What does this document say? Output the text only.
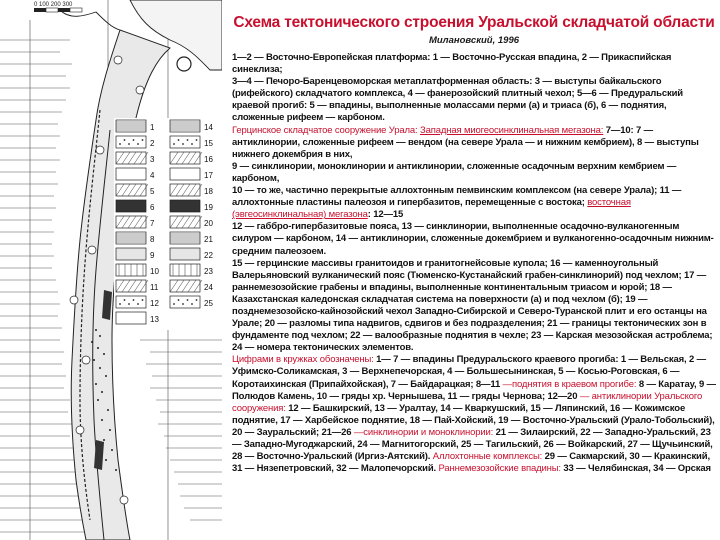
0 100 200 300
1
2
3
4
5
6
7
8
9
10
11
12
13
14
15
16
17
18
19
20
21
22
23
24
25

Схема тектонического строения Уральской складчатой области

Милановский, 1996

1—2 — Восточно-Европейская платформа: 1 — Восточно-Русская впадина, 2 — Прикаспийская синеклиза;

3—4 — Печоро-Баренцевоморская метаплатформенная область: 3 — выступы байкальского (рифейского) складчатого комплекса, 4 — фанерозойский плитный чехол; 5—6 — Предуральский краевой прогиб: 5 — впадины, выполненные молассами перми (а) и триаса (б), 6 — поднятия, сложенные рифеем — карбоном.

Герцинское складчатое сооружение Урала: Западная миогеосинклинальная мегазона: 7—10: 7 — антиклинории, сложенные рифеем — вендом (на севере Урала — и нижним кембрием), 8 — выступы нижнего докембрия в них,

9 — синклинории, моноклинории и антиклинории, сложенные осадочным верхним кембрием — карбоном,

10 — то же, частично перекрытые аллохтонным пемвинским комплексом (на севере Урала); 11 — аллохтонные пластины палеозоя и гипербазитов, перемещенные с востока; восточная (эвгеосинклинальная) мегазона: 12—15

12 — габбро-гипербазитовые пояса, 13 — синклинории, выполненные осадочно-вулканогенным силуром — карбоном, 14 — антиклинории, сложенные докембрием и вулканогенно-осадочным нижним-средним палеозоем.

15 — герцинские массивы гранитоидов и гранитогнейсовые купола; 16 — каменноугольный Валерьяновский вулканический пояс (Тюменско-Кустанайский грабен-синклинорий) под чехлом; 17 — раннемезозойские грабены и впадины, выполненные континентальным триасом и юрой; 18 — Казахстанская каледонская складчатая система на поверхности (а) и под чехлом (б); 19 — позднемезозойско-кайнозойский чехол Западно-Сибирской и Северо-Туранской плит и его останцы на Урале; 20 — разломы типа надвигов, сдвигов и без подразделения; 21 — границы тектонических зон в фундаменте под чехлом; 22 — валообразные поднятия в чехле; 23 — Карская мезозойская астроблема; 24 — номера тектонических элементов.

Цифрами в кружках обозначены: 1— 7 — впадины Предуральского краевого прогиба: 1 — Вельская, 2 — Уфимско-Соликамская, 3 — Верхнепечорская, 4 — Большесынинская, 5 — Косью-Роговская, 6 — Коротаихинская (Припайхойская), 7 — Байдарацкая; 8—11 —поднятия в краевом прогибе: 8 — Каратау, 9 — Полюдов Камень, 10 — гряды хр. Чернышева, 11 — гряды Чернова; 12—20 — антиклинории Уральского сооружения: 12 — Башкирский, 13 — Уралтау, 14 — Кваркушский, 15 — Ляпинский, 16 — Кожимское поднятие, 17 — Харбейское поднятие, 18 — Пай-Хойский, 19 — Восточно-Уральский (Урало-Тобольский), 20 — Зауральский; 21—26 —синклинории и моноклинории: 21 — Зилаирский, 22 — Западно-Уральский, 23 — Западно-Мугоджарский, 24 — Магнитогорский, 25 — Тагильский, 26 — Войкарский, 27 — Щучьинский, 28 — Восточно-Уральский (Иргиз-Аятский). Аллохтонные комплексы: 29 — Сакмарский, 30 — Кракинский, 31 — Нязепетровский, 32 — Малопечорский. Раннемезозойские впадины: 33 — Челябинская, 34 — Орская
